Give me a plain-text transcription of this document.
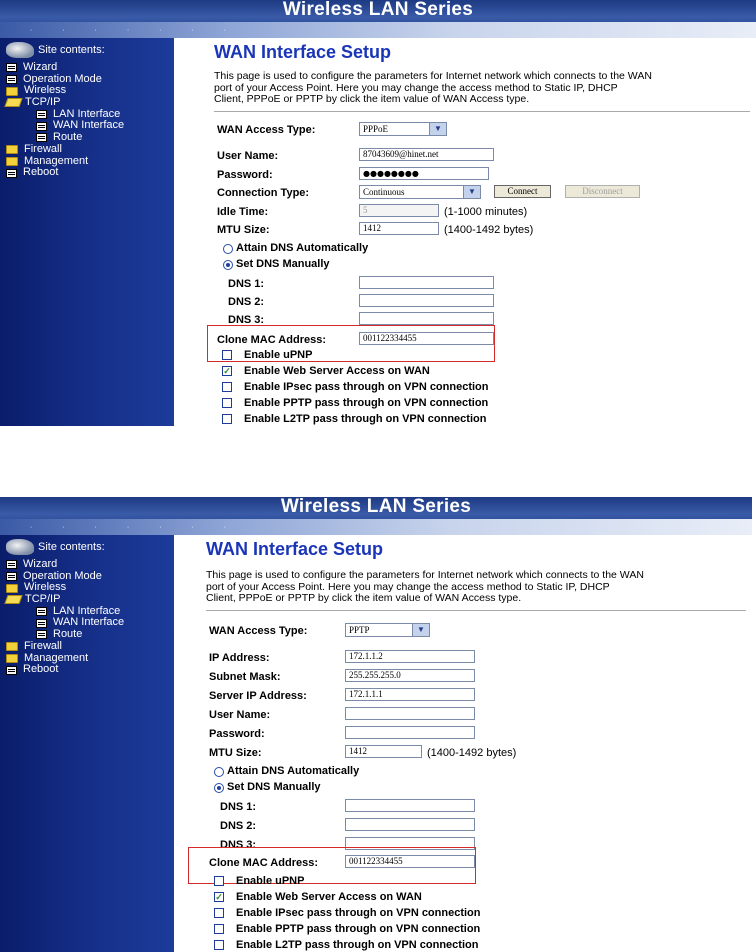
Wireless LAN Series
· · · · · · ·
Site contents:
Wizard
Operation Mode
Wireless
TCP/IP
LAN Interface
WAN Interface
Route
Firewall
Management
Reboot
WAN Interface Setup
This page is used to configure the parameters for Internet network which connects to the WAN
port of your Access Point. Here you may change the access method to Static IP, DHCP
Client, PPPoE or PPTP by click the item value of WAN Access type.
WAN Access Type:	PPPoE	▼
User Name:	87043609@hinet.net
Password:	●●●●●●●●
Connection Type:	Continuous	▼	Connect	Disconnect
Idle Time:	5	(1-1000 minutes)
MTU Size:	1412	(1400-1492 bytes)
Attain DNS Automatically
Set DNS Manually
DNS 1:
DNS 2:
DNS 3:
Clone MAC Address:	001122334455
Enable uPNP
✓ Enable Web Server Access on WAN
Enable IPsec pass through on VPN connection
Enable PPTP pass through on VPN connection
Enable L2TP pass through on VPN connection
Wireless LAN Series
· · · · · · ·
Site contents:
Wizard
Operation Mode
Wireless
TCP/IP
LAN Interface
WAN Interface
Route
Firewall
Management
Reboot
WAN Interface Setup
This page is used to configure the parameters for Internet network which connects to the WAN
port of your Access Point. Here you may change the access method to Static IP, DHCP
Client, PPPoE or PPTP by click the item value of WAN Access type.
WAN Access Type:	PPTP	▼
IP Address:	172.1.1.2
Subnet Mask:	255.255.255.0
Server IP Address:	172.1.1.1
User Name:
Password:
MTU Size:	1412	(1400-1492 bytes)
Attain DNS Automatically
Set DNS Manually
DNS 1:
DNS 2:
DNS 3:
Clone MAC Address:	001122334455
Enable uPNP
✓ Enable Web Server Access on WAN
Enable IPsec pass through on VPN connection
Enable PPTP pass through on VPN connection
Enable L2TP pass through on VPN connection
